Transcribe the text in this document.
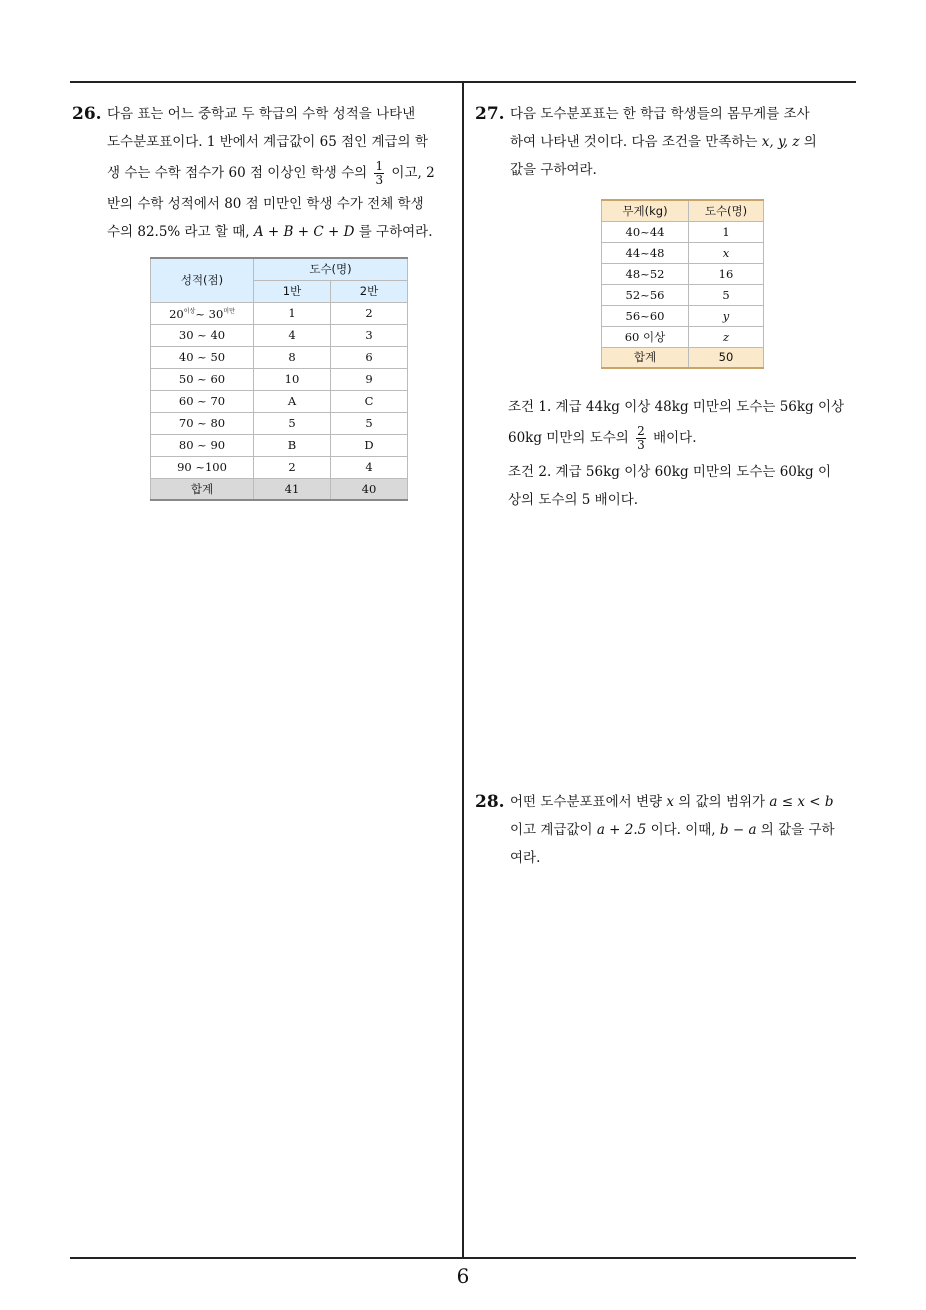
26. 다음 표는 어느 중학교 두 학급의 수학 성적을 나타낸
도수분포표이다. 1 반에서 계급값이 65 점인 계급의 학
생 수는 수학 점수가 60 점 이상인 학생 수의 $\frac{1}{3}$ 이고, 2
반의 수학 성적에서 80 점 미만인 학생 수가 전체 학생
수의 82.5% 라고 할 때, A + B + C + D 를 구하여라.
성적(점)	도수(명)	
	1반	2반
$20^{이상}\sim$ $30^{미만}$	1	2
30 ~ 40	4	3
40 ~ 50	8	6
50 ~ 60	10	9
60 ~ 70	A	C
70 ~ 80	5	5
80 ~ 90	B	D
90 ~100	2	4
합계	41	40
27. 다음 도수분포표는 한 학급 학생들의 몸무게를 조사
하여 나타낸 것이다. 다음 조건을 만족하는 x, y, z 의
값을 구하여라.
무게(kg)	도수(명)
40~44	1
44~48	x
48~52	16
52~56	5
56~60	y
60 이상	z
합계	50
조건 1. 계급 44kg 이상 48kg 미만의 도수는 56kg 이상
60kg 미만의 도수의 $\frac{2}{3}$ 배이다.
조건 2. 계급 56kg 이상 60kg 미만의 도수는 60kg 이
상의 도수의 5 배이다.
28. 어떤 도수분포표에서 변량 x 의 값의 범위가 a ≤ x < b
이고 계급값이 a + 2.5 이다. 이때, b − a 의 값을 구하
여라.
6
